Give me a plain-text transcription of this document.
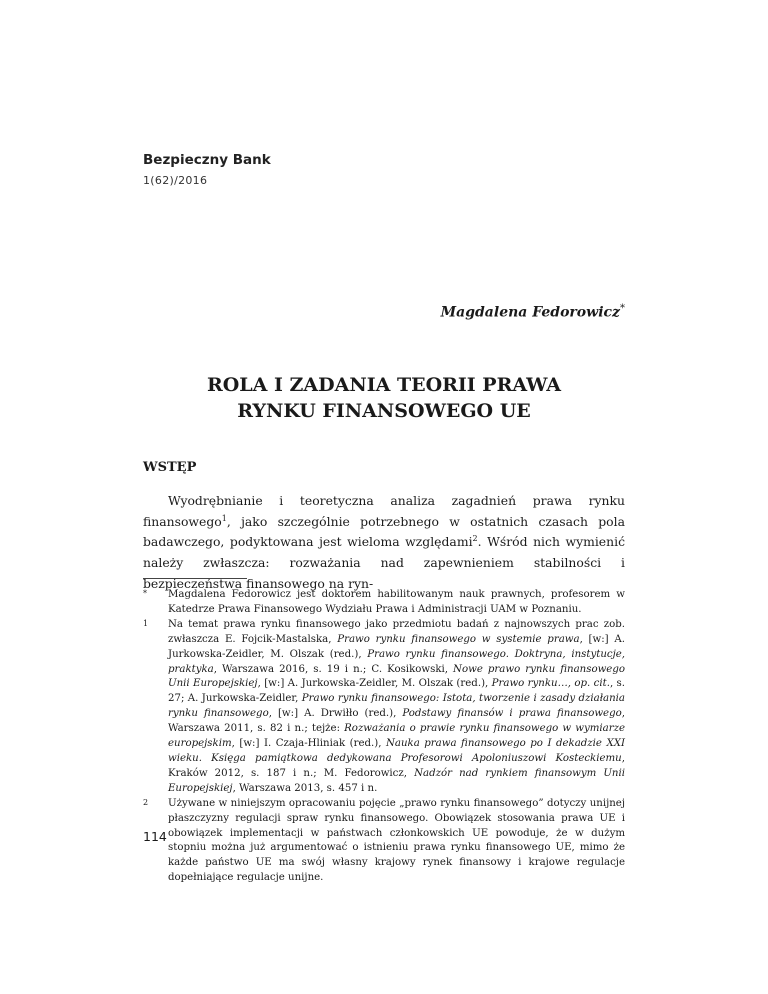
Bezpieczny Bank
1(62)/2016
Magdalena Fedorowicz*
ROLA I ZADANIA TEORII PRAWA
RYNKU FINANSOWEGO UE
WSTĘP

Wyodrębnianie i teoretyczna analiza zagadnień prawa rynku finansowego$^1$, jako szczególnie potrzebnego w ostatnich czasach pola badawczego, podyktowana jest wieloma względami$^2$. Wśród nich wymienić należy zwłaszcza: rozważania nad zapewnieniem stabilności i bezpieczeństwa finansowego na ryn-

* Magdalena Fedorowicz jest doktorem habilitowanym nauk prawnych, profesorem w Katedrze Prawa Finansowego Wydziału Prawa i Administracji UAM w Poznaniu.
1 Na temat prawa rynku finansowego jako przedmiotu badań z najnowszych prac zob. zwłaszcza E. Fojcik-Mastalska, Prawo rynku finansowego w systemie prawa, [w:] A. Jurkowska-Zeidler, M. Olszak (red.), Prawo rynku finansowego. Doktryna, instytucje, praktyka, Warszawa 2016, s. 19 i n.; C. Kosikowski, Nowe prawo rynku finansowego Unii Europejskiej, [w:] A. Jurkowska-Zeidler, M. Olszak (red.), Prawo rynku…, op. cit., s. 27; A. Jurkowska-Zeidler, Prawo rynku finansowego: Istota, tworzenie i zasady działania rynku finansowego, [w:] A. Drwiłło (red.), Podstawy finansów i prawa finansowego, Warszawa 2011, s. 82 i n.; tejże: Rozważania o prawie rynku finansowego w wymiarze europejskim, [w:] I. Czaja-Hliniak (red.), Nauka prawa finansowego po I dekadzie XXI wieku. Księga pamiątkowa dedykowana Profesorowi Apoloniuszowi Kosteckiemu, Kraków 2012, s. 187 i n.; M. Fedorowicz, Nadzór nad rynkiem finansowym Unii Europejskiej, Warszawa 2013, s. 457 i n.
2 Używane w niniejszym opracowaniu pojęcie „prawo rynku finansowego” dotyczy unijnej płaszczyzny regulacji spraw rynku finansowego. Obowiązek stosowania prawa UE i obowiązek implementacji w państwach członkowskich UE powoduje, że w dużym stopniu można już argumentować o istnieniu prawa rynku finansowego UE, mimo że każde państwo UE ma swój własny krajowy rynek finansowy i krajowe regulacje dopełniające regulacje unijne.
114
